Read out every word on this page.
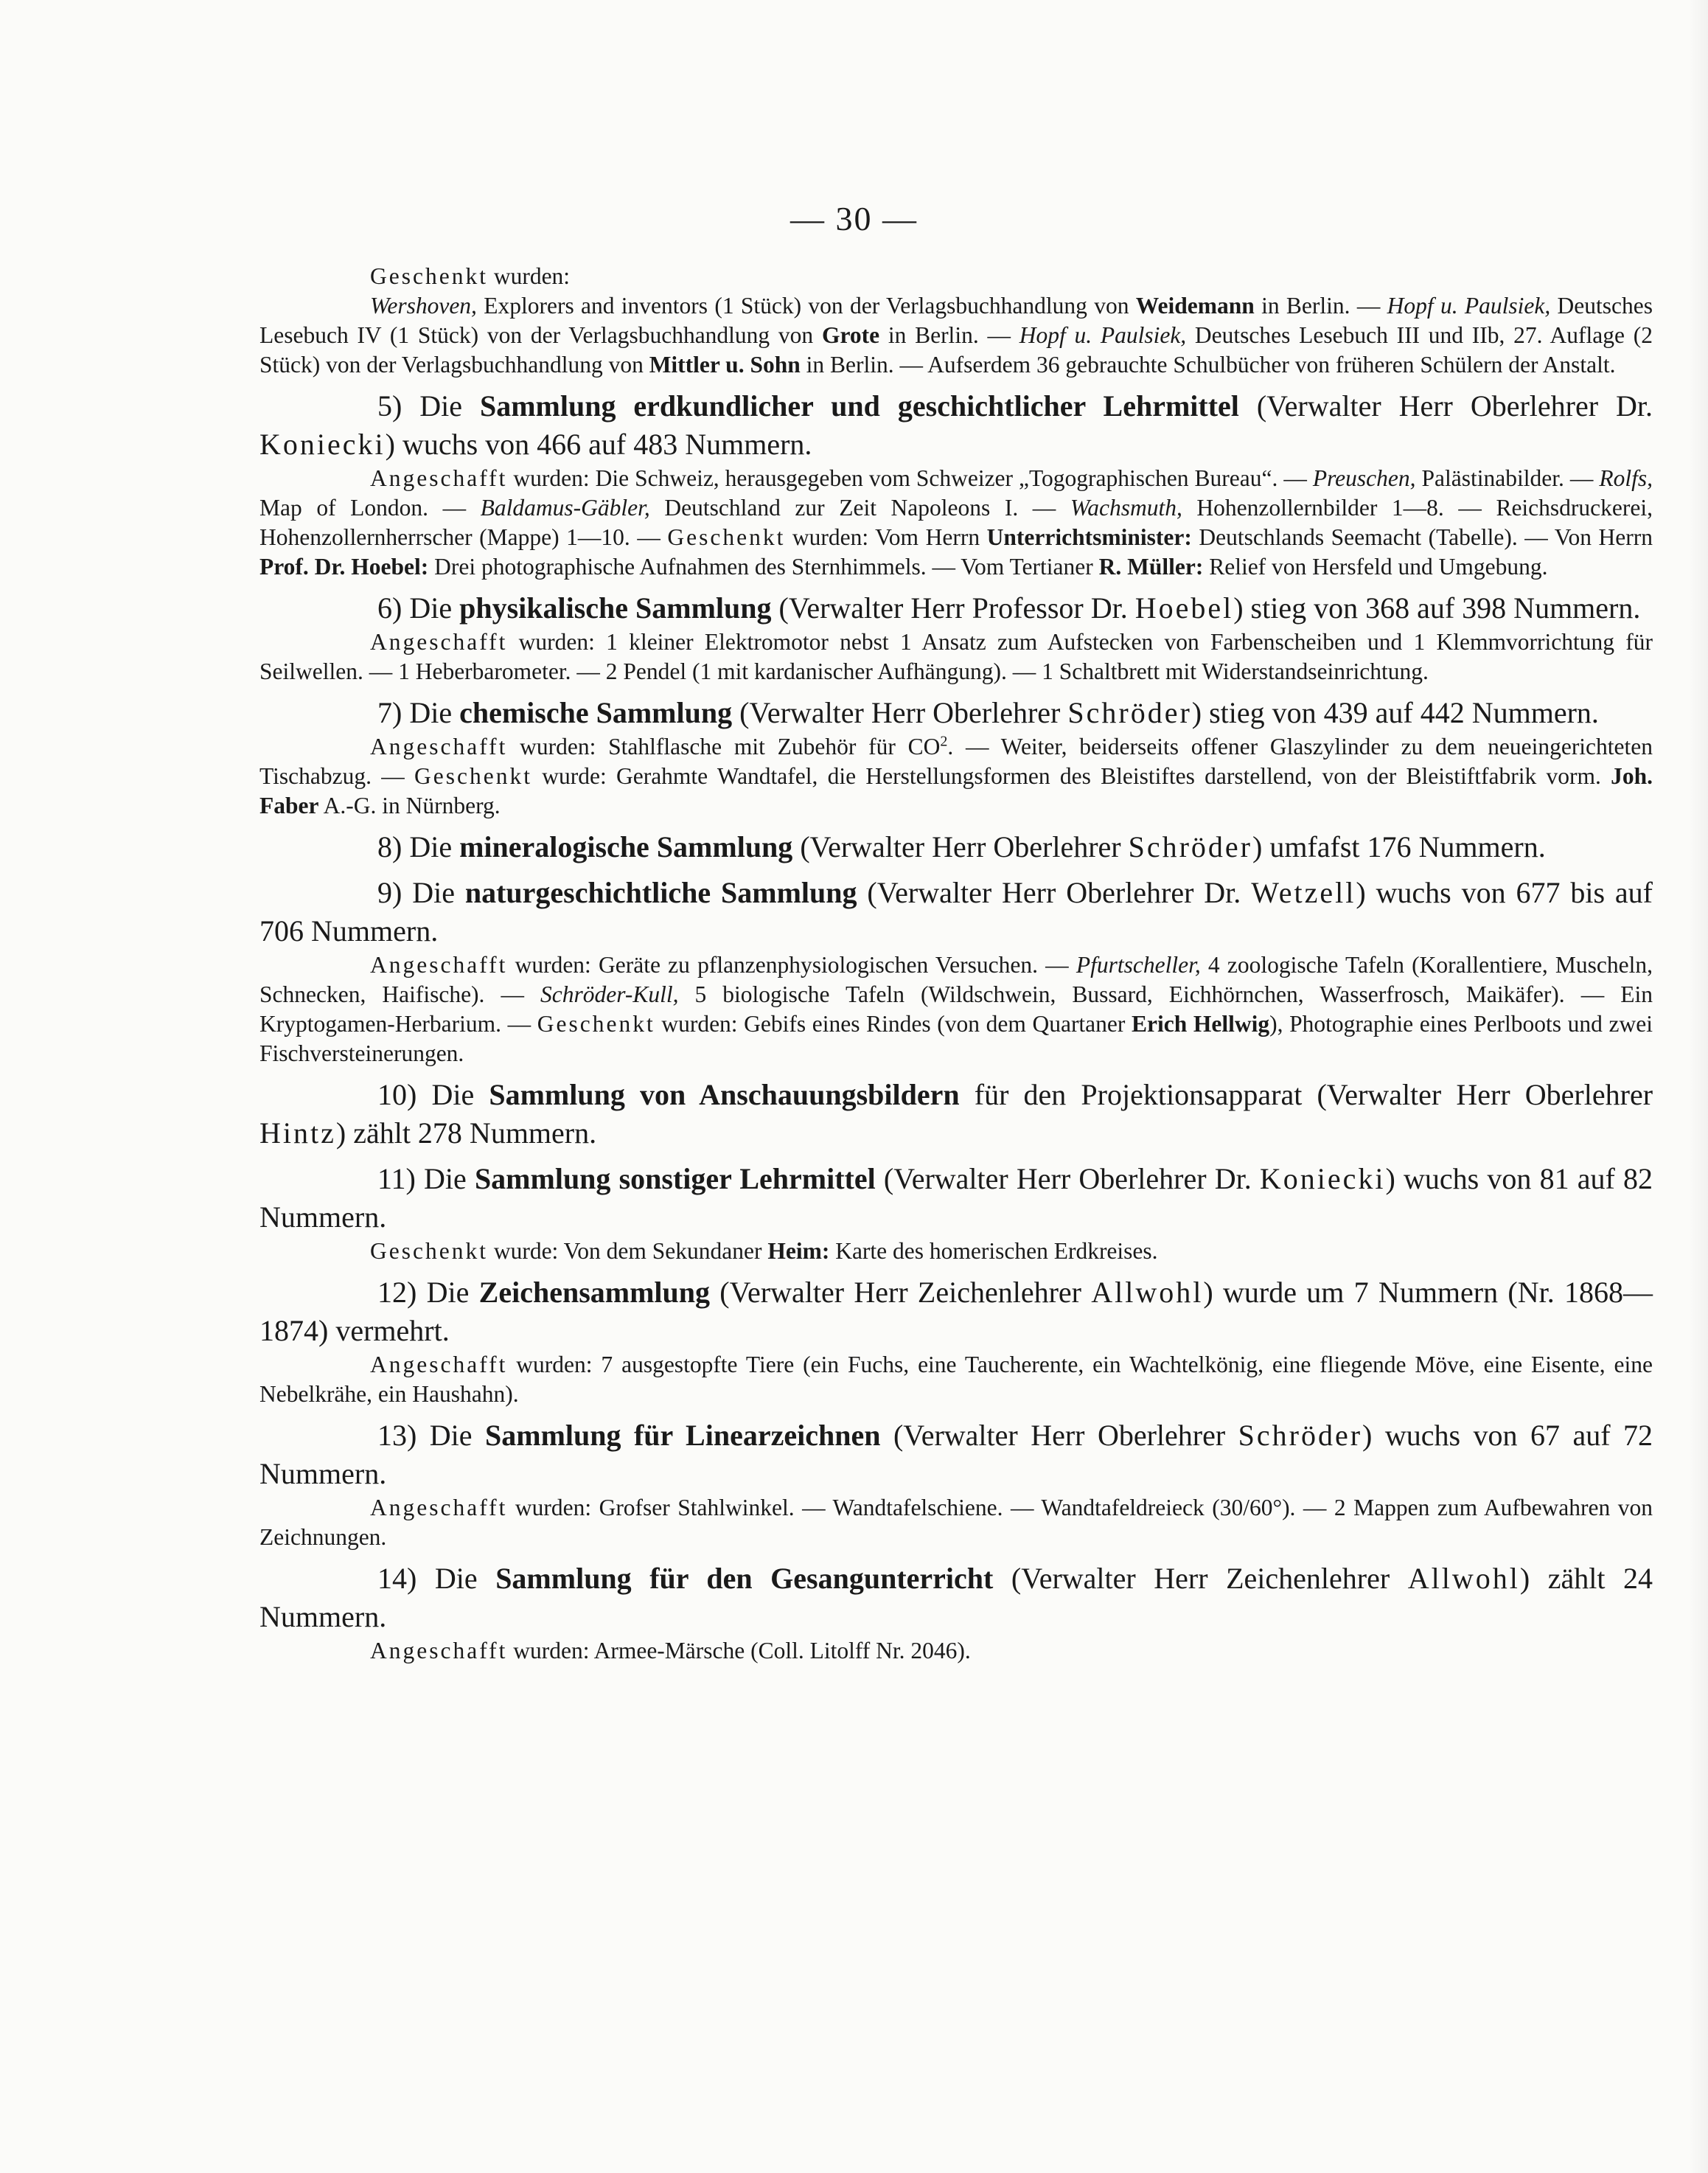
— 30 —

Geschenkt wurden:

Wershoven, Explorers and inventors (1 Stück) von der Verlagsbuchhandlung von Weidemann in Berlin. — Hopf u. Paulsiek, Deutsches Lesebuch IV (1 Stück) von der Verlagsbuchhandlung von Grote in Berlin. — Hopf u. Paulsiek, Deutsches Lesebuch III und IIb, 27. Auflage (2 Stück) von der Verlagsbuchhandlung von Mittler u. Sohn in Berlin. — Aufserdem 36 gebrauchte Schulbücher von früheren Schülern der Anstalt.

5) Die Sammlung erdkundlicher und geschichtlicher Lehrmittel (Verwalter Herr Oberlehrer Dr. Koniecki) wuchs von 466 auf 483 Nummern.

Angeschafft wurden: Die Schweiz, herausgegeben vom Schweizer „Togographischen Bureau“. — Preuschen, Palästinabilder. — Rolfs, Map of London. — Baldamus-Gäbler, Deutschland zur Zeit Napoleons I. — Wachsmuth, Hohenzollernbilder 1—8. — Reichsdruckerei, Hohenzollernherrscher (Mappe) 1—10. — Geschenkt wurden: Vom Herrn Unterrichtsminister: Deutschlands Seemacht (Tabelle). — Von Herrn Prof. Dr. Hoebel: Drei photographische Aufnahmen des Sternhimmels. — Vom Tertianer R. Müller: Relief von Hersfeld und Umgebung.

6) Die physikalische Sammlung (Verwalter Herr Professor Dr. Hoebel) stieg von 368 auf 398 Nummern.

Angeschafft wurden: 1 kleiner Elektromotor nebst 1 Ansatz zum Aufstecken von Farbenscheiben und 1 Klemmvorrichtung für Seilwellen. — 1 Heberbarometer. — 2 Pendel (1 mit kardanischer Aufhängung). — 1 Schaltbrett mit Widerstandseinrichtung.

7) Die chemische Sammlung (Verwalter Herr Oberlehrer Schröder) stieg von 439 auf 442 Nummern.

Angeschafft wurden: Stahlflasche mit Zubehör für $CO^2$. — Weiter, beiderseits offener Glaszylinder zu dem neueingerichteten Tischabzug. — Geschenkt wurde: Gerahmte Wandtafel, die Herstellungsformen des Bleistiftes darstellend, von der Bleistiftfabrik vorm. Joh. Faber A.-G. in Nürnberg.

8) Die mineralogische Sammlung (Verwalter Herr Oberlehrer Schröder) umfafst 176 Nummern.

9) Die naturgeschichtliche Sammlung (Verwalter Herr Oberlehrer Dr. Wetzell) wuchs von 677 bis auf 706 Nummern.

Angeschafft wurden: Geräte zu pflanzenphysiologischen Versuchen. — Pfurtscheller, 4 zoologische Tafeln (Korallentiere, Muscheln, Schnecken, Haifische). — Schröder-Kull, 5 biologische Tafeln (Wildschwein, Bussard, Eichhörnchen, Wasserfrosch, Maikäfer). — Ein Kryptogamen-Herbarium. — Geschenkt wurden: Gebifs eines Rindes (von dem Quartaner Erich Hellwig), Photographie eines Perlboots und zwei Fischversteinerungen.

10) Die Sammlung von Anschauungsbildern für den Projektionsapparat (Verwalter Herr Oberlehrer Hintz) zählt 278 Nummern.

11) Die Sammlung sonstiger Lehrmittel (Verwalter Herr Oberlehrer Dr. Koniecki) wuchs von 81 auf 82 Nummern.

Geschenkt wurde: Von dem Sekundaner Heim: Karte des homerischen Erdkreises.

12) Die Zeichensammlung (Verwalter Herr Zeichenlehrer Allwohl) wurde um 7 Nummern (Nr. 1868—1874) vermehrt.

Angeschafft wurden: 7 ausgestopfte Tiere (ein Fuchs, eine Taucherente, ein Wachtelkönig, eine fliegende Möve, eine Eisente, eine Nebelkrähe, ein Haushahn).

13) Die Sammlung für Linearzeichnen (Verwalter Herr Oberlehrer Schröder) wuchs von 67 auf 72 Nummern.

Angeschafft wurden: Grofser Stahlwinkel. — Wandtafelschiene. — Wandtafeldreieck (30/60°). — 2 Mappen zum Aufbewahren von Zeichnungen.

14) Die Sammlung für den Gesangunterricht (Verwalter Herr Zeichenlehrer Allwohl) zählt 24 Nummern.

Angeschafft wurden: Armee-Märsche (Coll. Litolff Nr. 2046).
